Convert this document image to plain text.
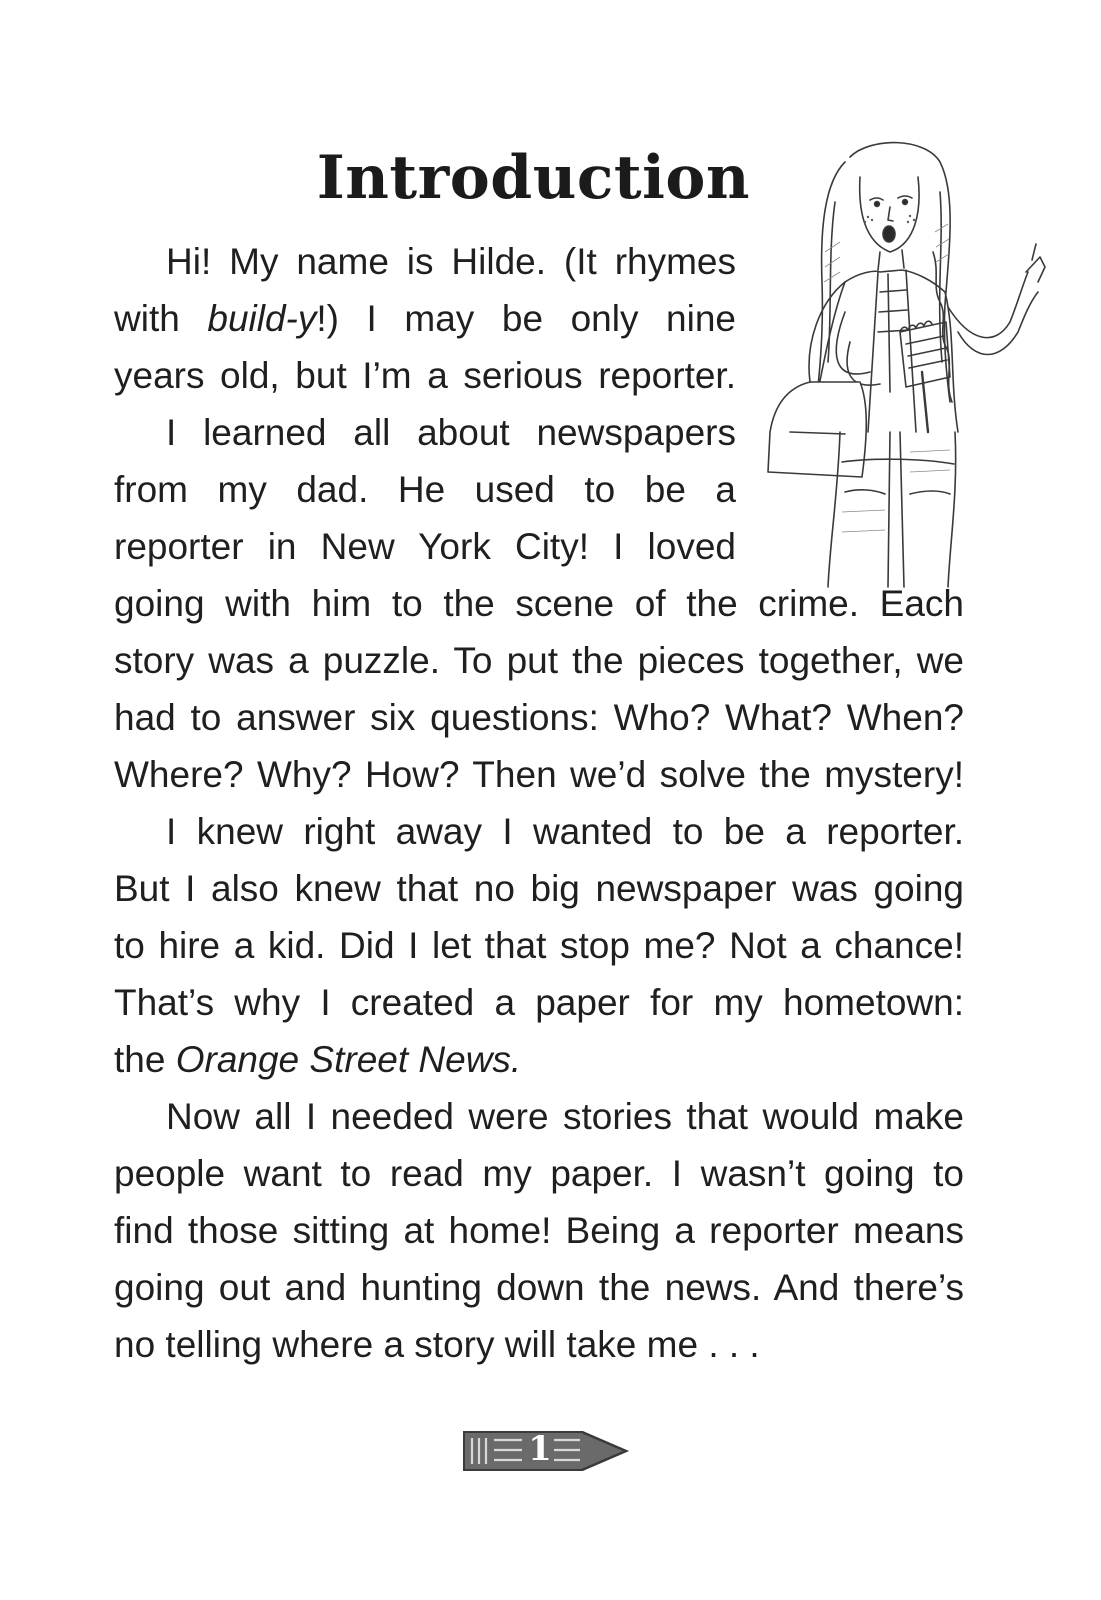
Introduction
Hi! My name is Hilde. (It rhymes
with build-y!) I may be only nine
years old, but I’m a serious reporter.
I learned all about newspapers
from my dad. He used to be a
reporter in New York City! I loved
going with him to the scene of the crime. Each
story was a puzzle. To put the pieces together, we
had to answer six questions: Who? What? When?
Where? Why? How? Then we’d solve the mystery!
I knew right away I wanted to be a reporter.
But I also knew that no big newspaper was going
to hire a kid. Did I let that stop me? Not a chance!
That’s why I created a paper for my hometown:
the Orange Street News.
Now all I needed were stories that would make
people want to read my paper. I wasn’t going to
find those sitting at home! Being a reporter means
going out and hunting down the news. And there’s
no telling where a story will take me . . .
1
